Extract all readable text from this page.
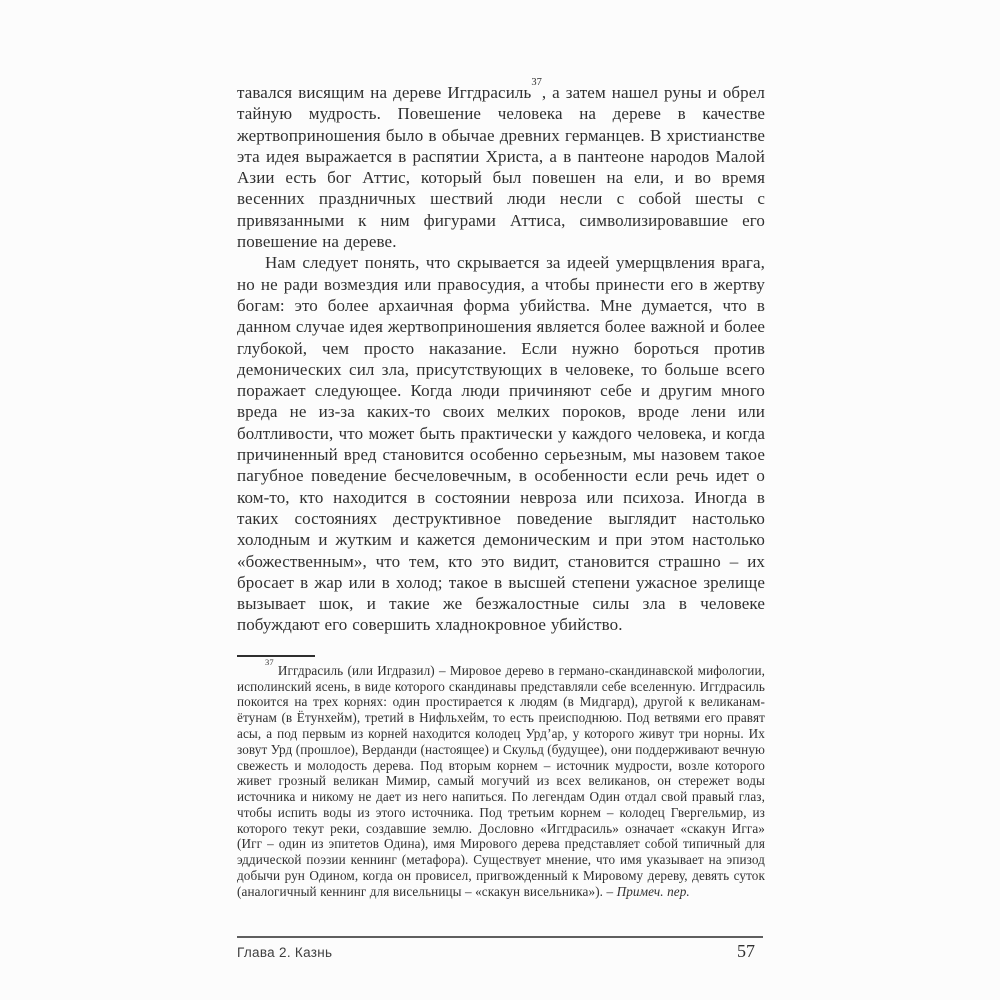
тавался висящим на дереве Иггдрасиль$^{37}$, а затем нашел руны и обрел тайную мудрость. Повешение человека на дереве в качестве жертвоприношения было в обычае древних германцев. В христианстве эта идея выражается в распятии Христа, а в пантеоне народов Малой Азии есть бог Аттис, который был повешен на ели, и во время весенних праздничных шествий люди несли с собой шесты с привязанными к ним фигурами Аттиса, символизировавшие его повешение на дереве.

Нам следует понять, что скрывается за идеей умерщвления врага, но не ради возмездия или правосудия, а чтобы принести его в жертву богам: это более архаичная форма убийства. Мне думается, что в данном случае идея жертвоприношения является более важной и более глубокой, чем просто наказание. Если нужно бороться против демонических сил зла, присутствующих в человеке, то больше всего поражает следующее. Когда люди причиняют себе и другим много вреда не из-за каких-то своих мелких пороков, вроде лени или болтливости, что может быть практически у каждого человека, и когда причиненный вред становится особенно серьезным, мы назовем такое пагубное поведение бесчеловечным, в особенности если речь идет о ком-то, кто находится в состоянии невроза или психоза. Иногда в таких состояниях деструктивное поведение выглядит настолько холодным и жутким и кажется демоническим и при этом настолько «божественным», что тем, кто это видит, становится страшно – их бросает в жар или в холод; такое в высшей степени ужасное зрелище вызывает шок, и такие же безжалостные силы зла в человеке побуждают его совершить хладнокровное убийство.

$^{37}$ Иггдрасиль (или Игдразил) – Мировое дерево в германо-скандинавской мифологии, исполинский ясень, в виде которого скандинавы представляли себе вселенную. Иггдрасиль покоится на трех корнях: один простирается к людям (в Мидгард), другой к великанам-ётунам (в Ётунхейм), третий в Нифльхейм, то есть преисподнюю. Под ветвями его правят асы, а под первым из корней находится колодец Урд’ар, у которого живут три норны. Их зовут Урд (прошлое), Верданди (настоящее) и Скульд (будущее), они поддерживают вечную свежесть и молодость дерева. Под вторым корнем – источник мудрости, возле которого живет грозный великан Мимир, самый могучий из всех великанов, он стережет воды источника и никому не дает из него напиться. По легендам Один отдал свой правый глаз, чтобы испить воды из этого источника. Под третьим корнем – колодец Гвергельмир, из которого текут реки, создавшие землю. Дословно «Иггдрасиль» означает «скакун Игга» (Игг – один из эпитетов Одина), имя Мирового дерева представляет собой типичный для эддической поэзии кеннинг (метафора). Существует мнение, что имя указывает на эпизод добычи рун Одином, когда он провисел, пригвожденный к Мировому дереву, девять суток (аналогичный кеннинг для висельницы – «скакун висельника»). – Примеч. пер.

Глава 2. Казнь	57
